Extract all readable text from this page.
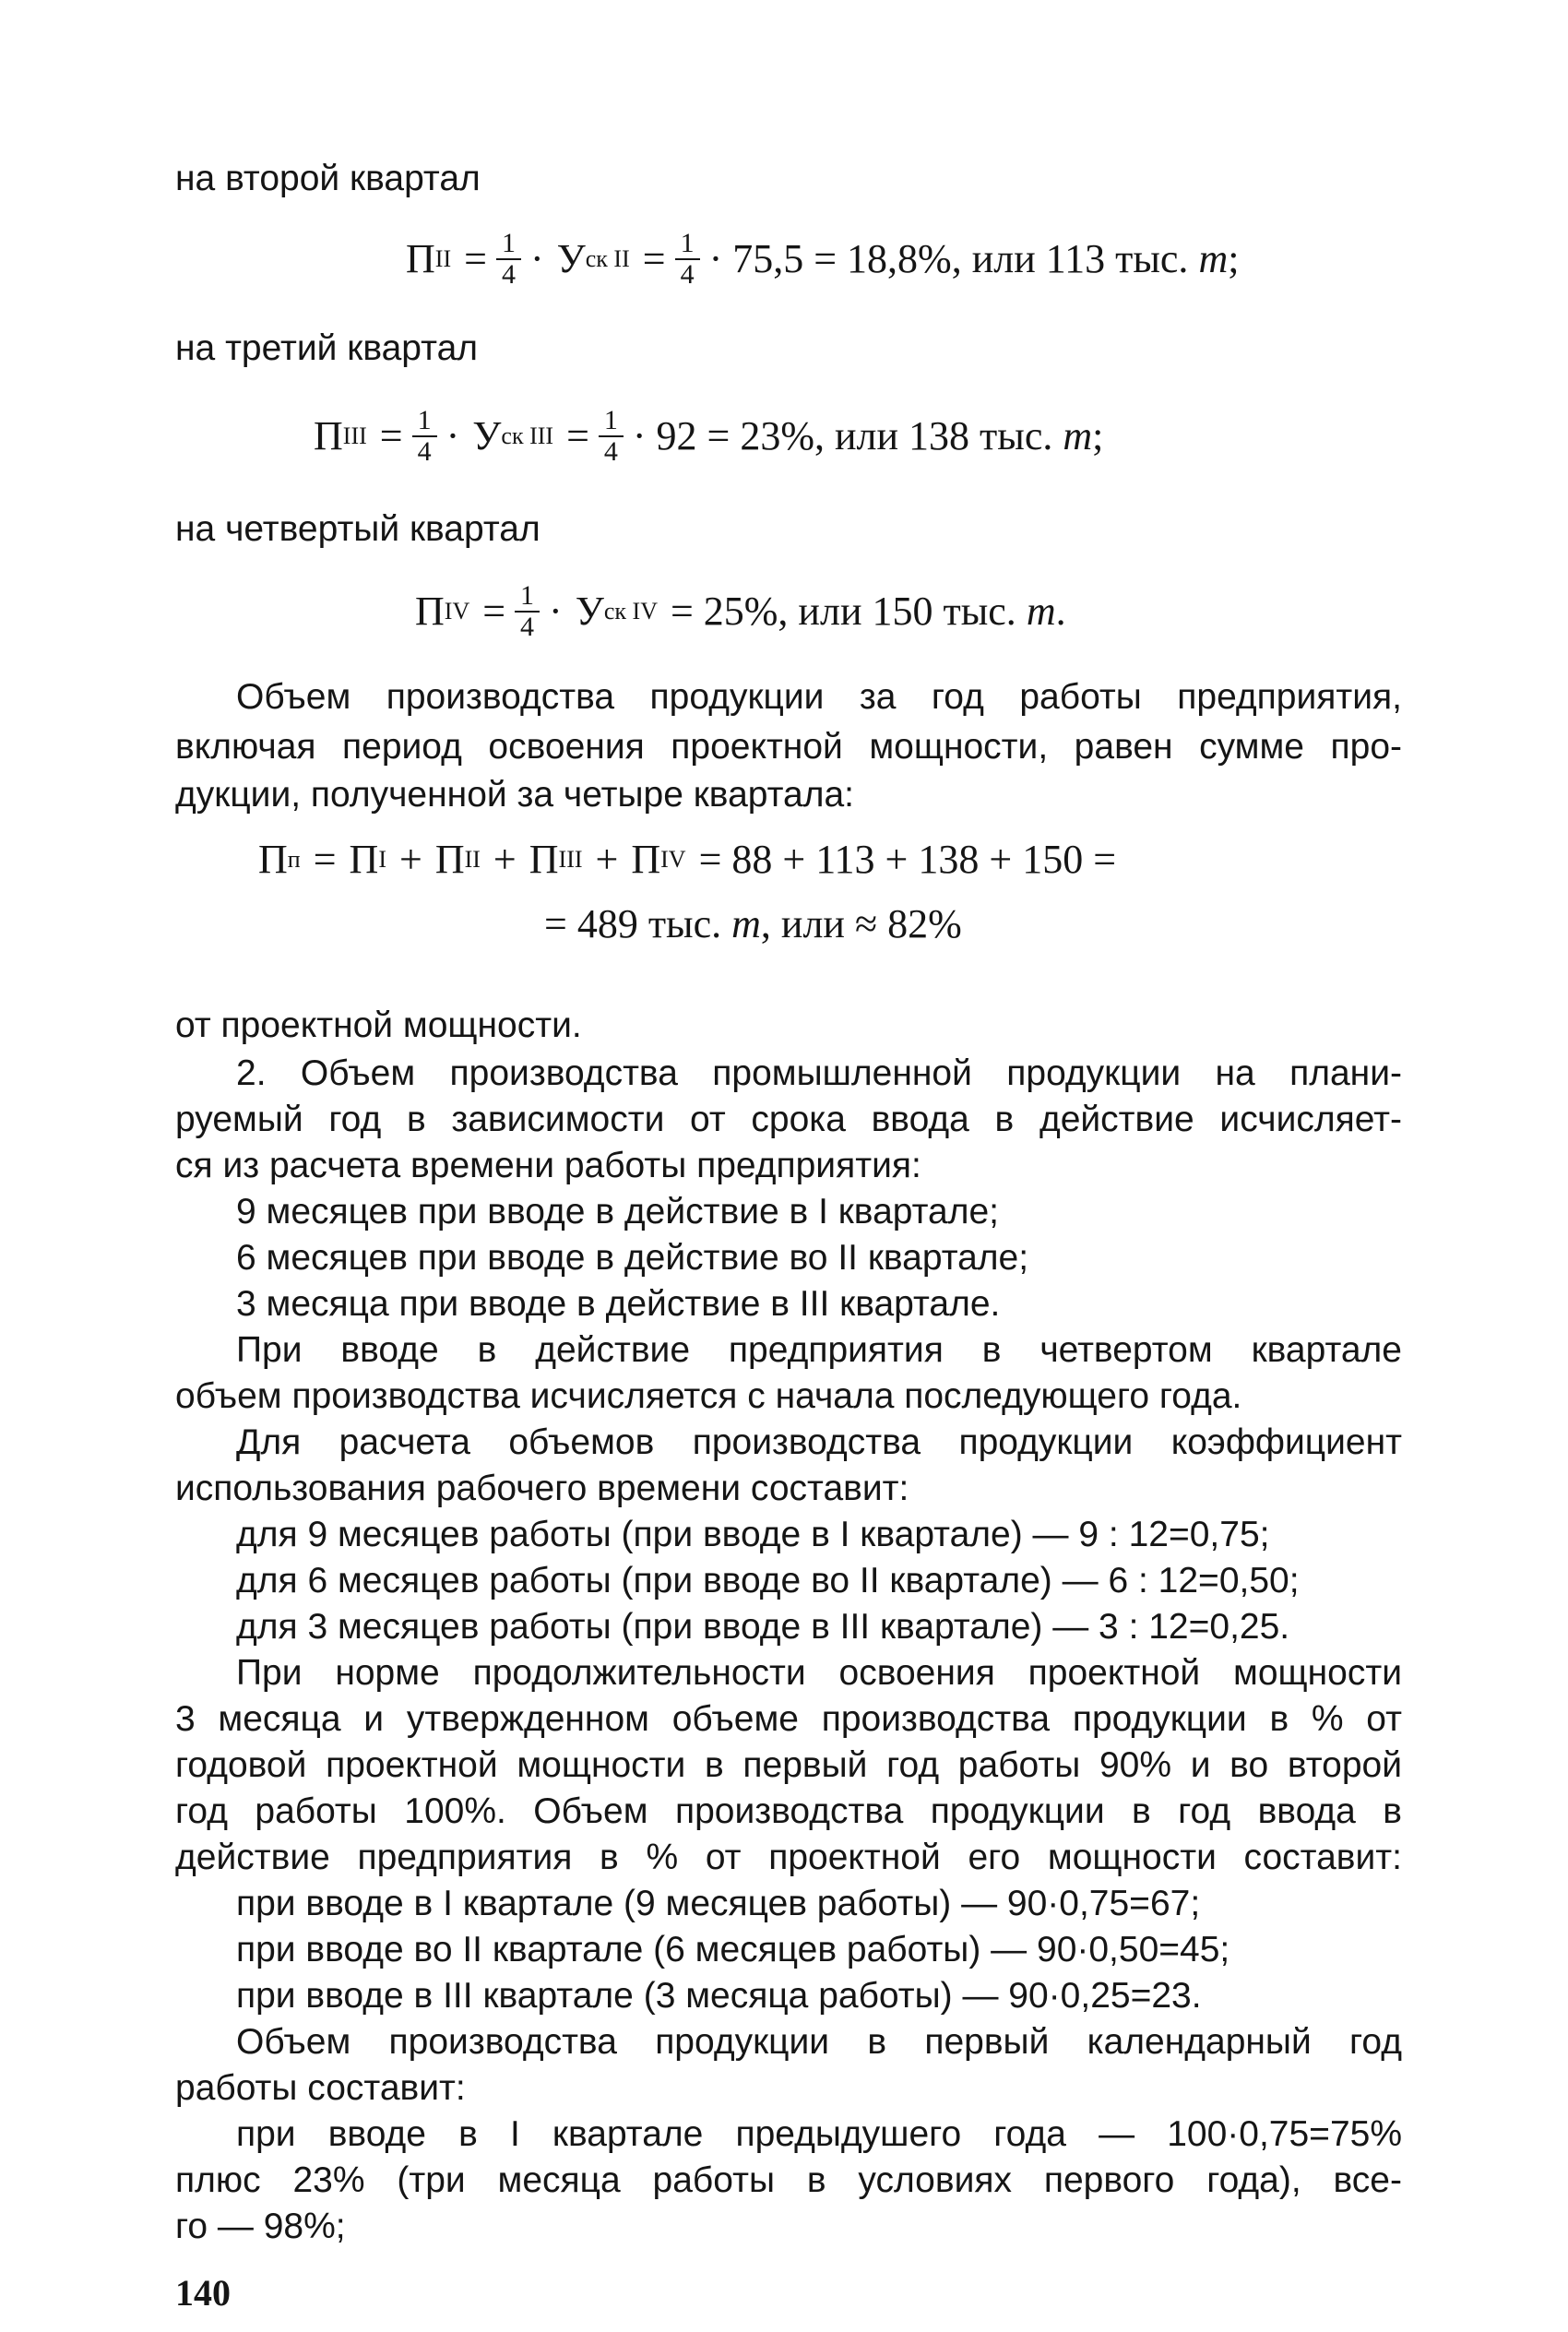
на второй квартал
П II = $\frac{1}{4} \cdot У$ ск II = $\frac{1}{4} \cdot 75,5 = 18,8\%$, или 113 тыс.
т ;
на третий квартал
П III = $\frac{1}{4} \cdot У$ ск III = $\frac{1}{4} \cdot 92 = 23\%$, или 138 тыс.
т ;
на четвертый квартал
П IV = $\frac{1}{4} \cdot У$ ск IV = 25%, или 150 тыс.
т .
Объем производства продукции за год работы предприятия,
включая период освоения проектной мощности, равен сумме про-
дукции, полученной за четыре квартала:
П п = П I + П II + П III + П IV = 88 + 113 + 138 + 150 =
= 489 тыс.
т , или ≈ 82%
от проектной мощности.
2. Объем производства промышленной продукции на плани-
руемый год в зависимости от срока ввода в действие исчисляет-
ся из расчета времени работы предприятия:
9 месяцев при вводе в действие в I квартале;
6 месяцев при вводе в действие во II квартале;
3 месяца при вводе в действие в III квартале.
При вводе в действие предприятия в четвертом квартале
объем производства исчисляется с начала последующего года.
Для расчета объемов производства продукции коэффициент
использования рабочего времени составит:
для 9 месяцев работы (при вводе в I квартале) — 9 : 12=0,75;
для 6 месяцев работы (при вводе во II квартале) — 6 : 12=0,50;
для 3 месяцев работы (при вводе в III квартале) — 3 : 12=0,25.
При норме продолжительности освоения проектной мощности
3 месяца и утвержденном объеме производства продукции в % от
годовой проектной мощности в первый год работы 90% и во второй
год работы 100%. Объем производства продукции в год ввода в
действие предприятия в % от проектной его мощности составит:
при вводе в I квартале (9 месяцев работы) — 90·0,75=67;
при вводе во II квартале (6 месяцев работы) — 90·0,50=45;
при вводе в III квартале (3 месяца работы) — 90·0,25=23.
Объем производства продукции в первый календарный год
работы составит:
при вводе в I квартале предыдушего года — 100·0,75=75%
плюс 23% (три месяца работы в условиях первого года), все-
го — 98%;
140
